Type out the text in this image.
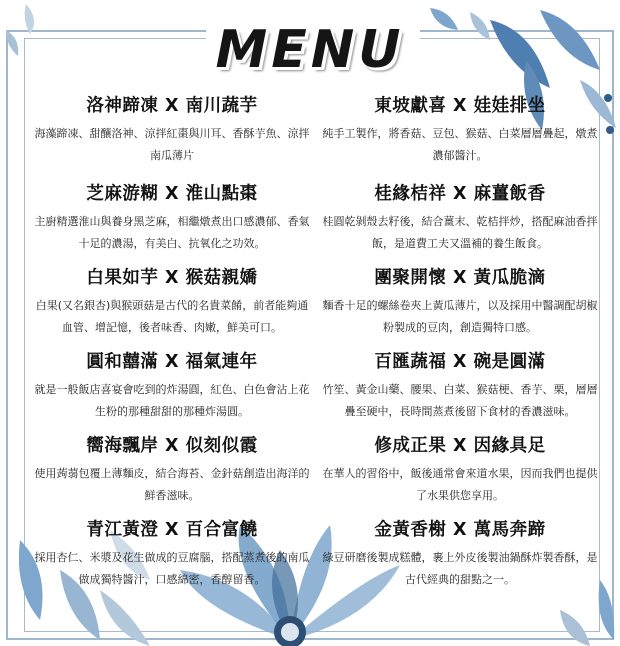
MENU
洛神蹄凍 X 南川蔬芋

海藻蹄凍、甜釀洛神、涼拌紅棗與川耳、香酥芋魚、涼拌南瓜薄片

芝麻游糊 X 淮山點棗

主廚精選淮山與養身黑芝麻，相繼燉煮出口感濃郁、香氣十足的濃湯，有美白、抗氧化之功效。

白果如芋 X 猴菇親嬌

白果(又名銀杏)與猴頭菇是古代的名貴菜餚，前者能夠通血管、增記憶，後者味香、肉嫩，鮮美可口。

圓和囍滿 X 福氣連年

就是一般飯店喜宴會吃到的炸湯圓，紅色、白色會沾上花生粉的那種甜甜的那種炸湯圓。

嚮海飄岸 X 似刻似霞

使用蒟蒻包覆上薄麵皮，結合海苔、金針菇創造出海洋的鮮香滋味。

青江黃澄 X 百合富饒

採用杏仁、米漿及花生做成的豆腐腦，搭配蒸煮後的南瓜做成獨特醬汁，口感綿密，香醇留香。

東坡獻喜 X 娃娃排坐

純手工製作，將香菇、豆包、猴菇、白菜層層疊起，燉煮濃郁醬汁。

桂緣桔祥 X 麻薑飯香

桂圓乾剝殼去籽後，結合薑末、乾桔拌炒，搭配麻油香拌飯，是道費工夫又溫補的養生飯食。

團聚開懷 X 黃瓜脆滴

麵香十足的螺絲卷夾上黃瓜薄片，以及採用中醫調配胡椒粉製成的豆肉，創造獨特口感。

百匯蔬福 X 碗是圓滿

竹笙、黃金山藥、腰果、白菜、猴菇梗、香芋、栗，層層疊至硬中，長時間蒸煮後留下食材的香濃滋味。

修成正果 X 因緣具足

在華人的習俗中，飯後通常會來道水果，因而我們也提供了水果供您享用。

金黃香榭 X 萬馬奔蹄

綠豆研磨後製成糕體，裹上外皮後製油鍋酥炸製香酥，是古代經典的甜點之一。
